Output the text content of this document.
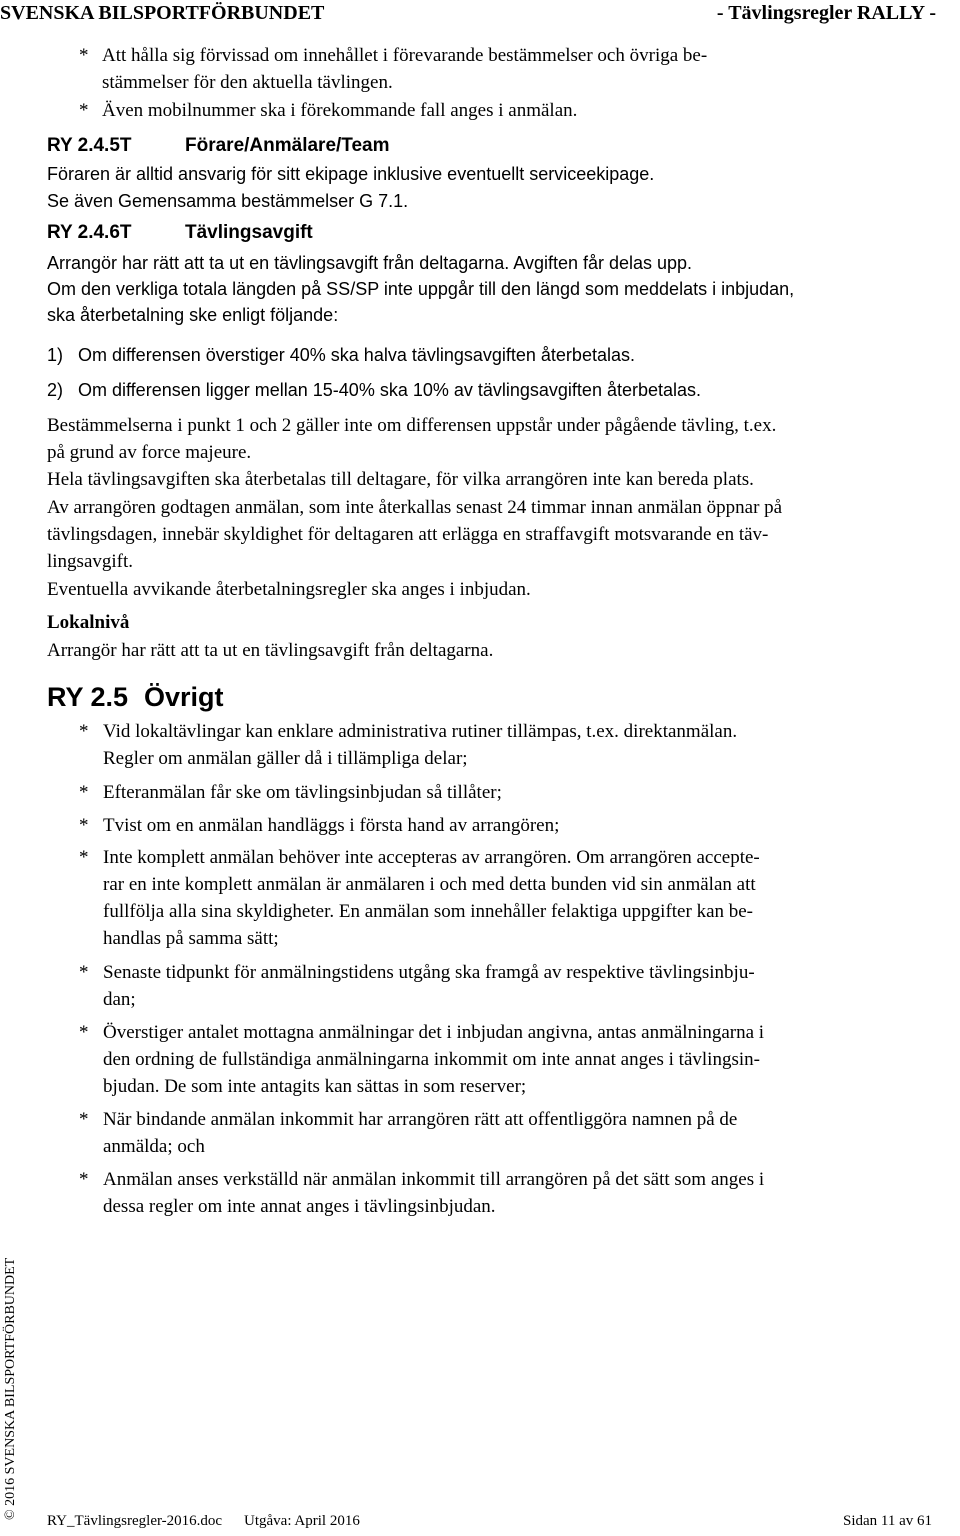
SVENSKA BILSPORTFÖRBUNDET	- Tävlingsregler RALLY -
* Att hålla sig förvissad om innehållet i förevarande bestämmelser och övriga be-
stämmelser för den aktuella tävlingen.
* Även mobilnummer ska i förekommande fall anges i anmälan.
RY 2.4.5T	Förare/Anmälare/Team
Föraren är alltid ansvarig för sitt ekipage inklusive eventuellt serviceekipage.
Se även Gemensamma bestämmelser G 7.1.
RY 2.4.6T	Tävlingsavgift
Arrangör har rätt att ta ut en tävlingsavgift från deltagarna. Avgiften får delas upp.
Om den verkliga totala längden på SS/SP inte uppgår till den längd som meddelats i inbjudan,
ska återbetalning ske enligt följande:
1) Om differensen överstiger 40% ska halva tävlingsavgiften återbetalas.
2) Om differensen ligger mellan 15-40% ska 10% av tävlingsavgiften återbetalas.
Bestämmelserna i punkt 1 och 2 gäller inte om differensen uppstår under pågående tävling, t.ex.
på grund av force majeure.
Hela tävlingsavgiften ska återbetalas till deltagare, för vilka arrangören inte kan bereda plats.
Av arrangören godtagen anmälan, som inte återkallas senast 24 timmar innan anmälan öppnar på
tävlingsdagen, innebär skyldighet för deltagaren att erlägga en straffavgift motsvarande en täv-
lingsavgift.
Eventuella avvikande återbetalningsregler ska anges i inbjudan.
Lokalnivå
Arrangör har rätt att ta ut en tävlingsavgift från deltagarna.
RY 2.5 Övrigt
* Vid lokaltävlingar kan enklare administrativa rutiner tillämpas, t.ex. direktanmälan.
Regler om anmälan gäller då i tillämpliga delar;
* Efteranmälan får ske om tävlingsinbjudan så tillåter;
* Tvist om en anmälan handläggs i första hand av arrangören;
* Inte komplett anmälan behöver inte accepteras av arrangören. Om arrangören accepte-
rar en inte komplett anmälan är anmälaren i och med detta bunden vid sin anmälan att
fullfölja alla sina skyldigheter. En anmälan som innehåller felaktiga uppgifter kan be-
handlas på samma sätt;
* Senaste tidpunkt för anmälningstidens utgång ska framgå av respektive tävlingsinbju-
dan;
* Överstiger antalet mottagna anmälningar det i inbjudan angivna, antas anmälningarna i
den ordning de fullständiga anmälningarna inkommit om inte annat anges i tävlingsin-
bjudan. De som inte antagits kan sättas in som reserver;
* När bindande anmälan inkommit har arrangören rätt att offentliggöra namnen på de
anmälda; och
* Anmälan anses verkställd när anmälan inkommit till arrangören på det sätt som anges i
dessa regler om inte annat anges i tävlingsinbjudan.
© 2016 SVENSKA BILSPORTFÖRBUNDET
RY_Tävlingsregler-2016.doc Utgåva: April 2016	Sidan 11 av 61
